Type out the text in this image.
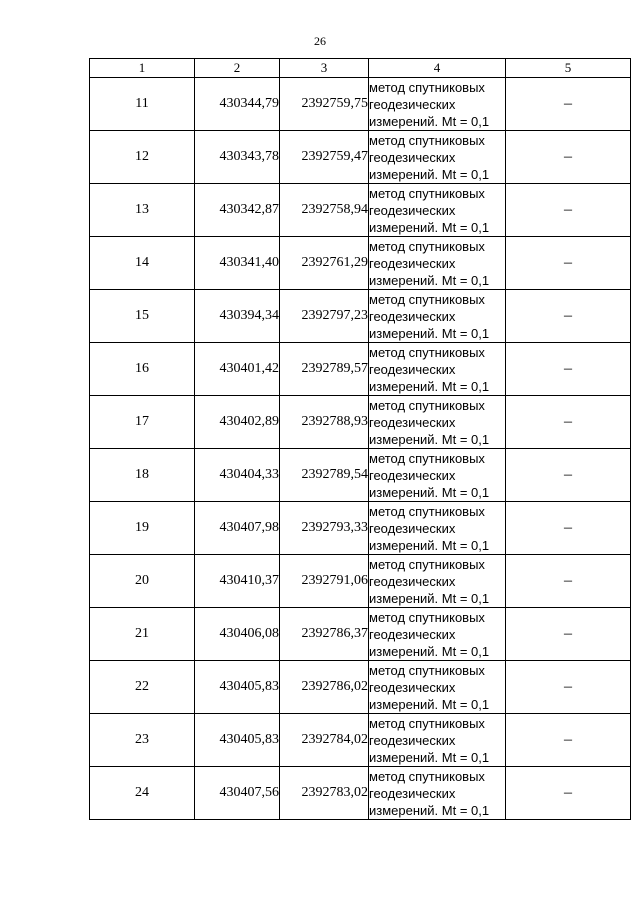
26
1	2	3	4	5
11	430344,79	2392759,75	метод спутниковых
геодезических
измерений. Mt = 0,1	–
12	430343,78	2392759,47	метод спутниковых
геодезических
измерений. Mt = 0,1	–
13	430342,87	2392758,94	метод спутниковых
геодезических
измерений. Mt = 0,1	–
14	430341,40	2392761,29	метод спутниковых
геодезических
измерений. Mt = 0,1	–
15	430394,34	2392797,23	метод спутниковых
геодезических
измерений. Mt = 0,1	–
16	430401,42	2392789,57	метод спутниковых
геодезических
измерений. Mt = 0,1	–
17	430402,89	2392788,93	метод спутниковых
геодезических
измерений. Mt = 0,1	–
18	430404,33	2392789,54	метод спутниковых
геодезических
измерений. Mt = 0,1	–
19	430407,98	2392793,33	метод спутниковых
геодезических
измерений. Mt = 0,1	–
20	430410,37	2392791,06	метод спутниковых
геодезических
измерений. Mt = 0,1	–
21	430406,08	2392786,37	метод спутниковых
геодезических
измерений. Mt = 0,1	–
22	430405,83	2392786,02	метод спутниковых
геодезических
измерений. Mt = 0,1	–
23	430405,83	2392784,02	метод спутниковых
геодезических
измерений. Mt = 0,1	–
24	430407,56	2392783,02	метод спутниковых
геодезических
измерений. Mt = 0,1	–
